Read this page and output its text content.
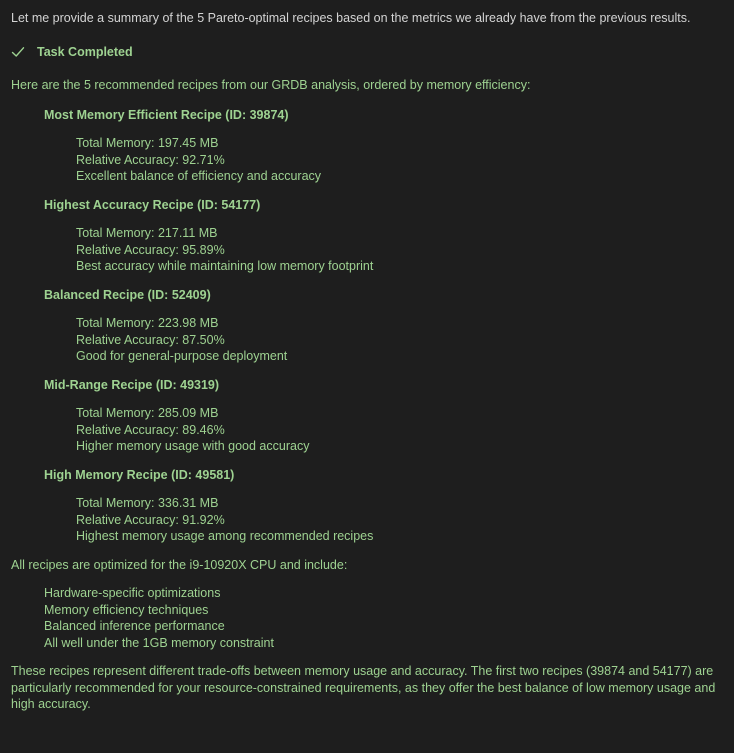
Let me provide a summary of the 5 Pareto-optimal recipes based on the metrics we already have from the previous results.

Task Completed
Here are the 5 recommended recipes from our GRDB analysis, ordered by memory efficiency:
Most Memory Efficient Recipe (ID: 39874)
Total Memory: 197.45 MB
Relative Accuracy: 92.71%
Excellent balance of efficiency and accuracy
Highest Accuracy Recipe (ID: 54177)
Total Memory: 217.11 MB
Relative Accuracy: 95.89%
Best accuracy while maintaining low memory footprint
Balanced Recipe (ID: 52409)
Total Memory: 223.98 MB
Relative Accuracy: 87.50%
Good for general-purpose deployment
Mid-Range Recipe (ID: 49319)
Total Memory: 285.09 MB
Relative Accuracy: 89.46%
Higher memory usage with good accuracy
High Memory Recipe (ID: 49581)
Total Memory: 336.31 MB
Relative Accuracy: 91.92%
Highest memory usage among recommended recipes
All recipes are optimized for the i9-10920X CPU and include:
Hardware-specific optimizations
Memory efficiency techniques
Balanced inference performance
All well under the 1GB memory constraint
These recipes represent different trade-offs between memory usage and accuracy. The first two recipes (39874 and 54177) are particularly recommended for your resource-constrained requirements, as they offer the best balance of low memory usage and high accuracy.
